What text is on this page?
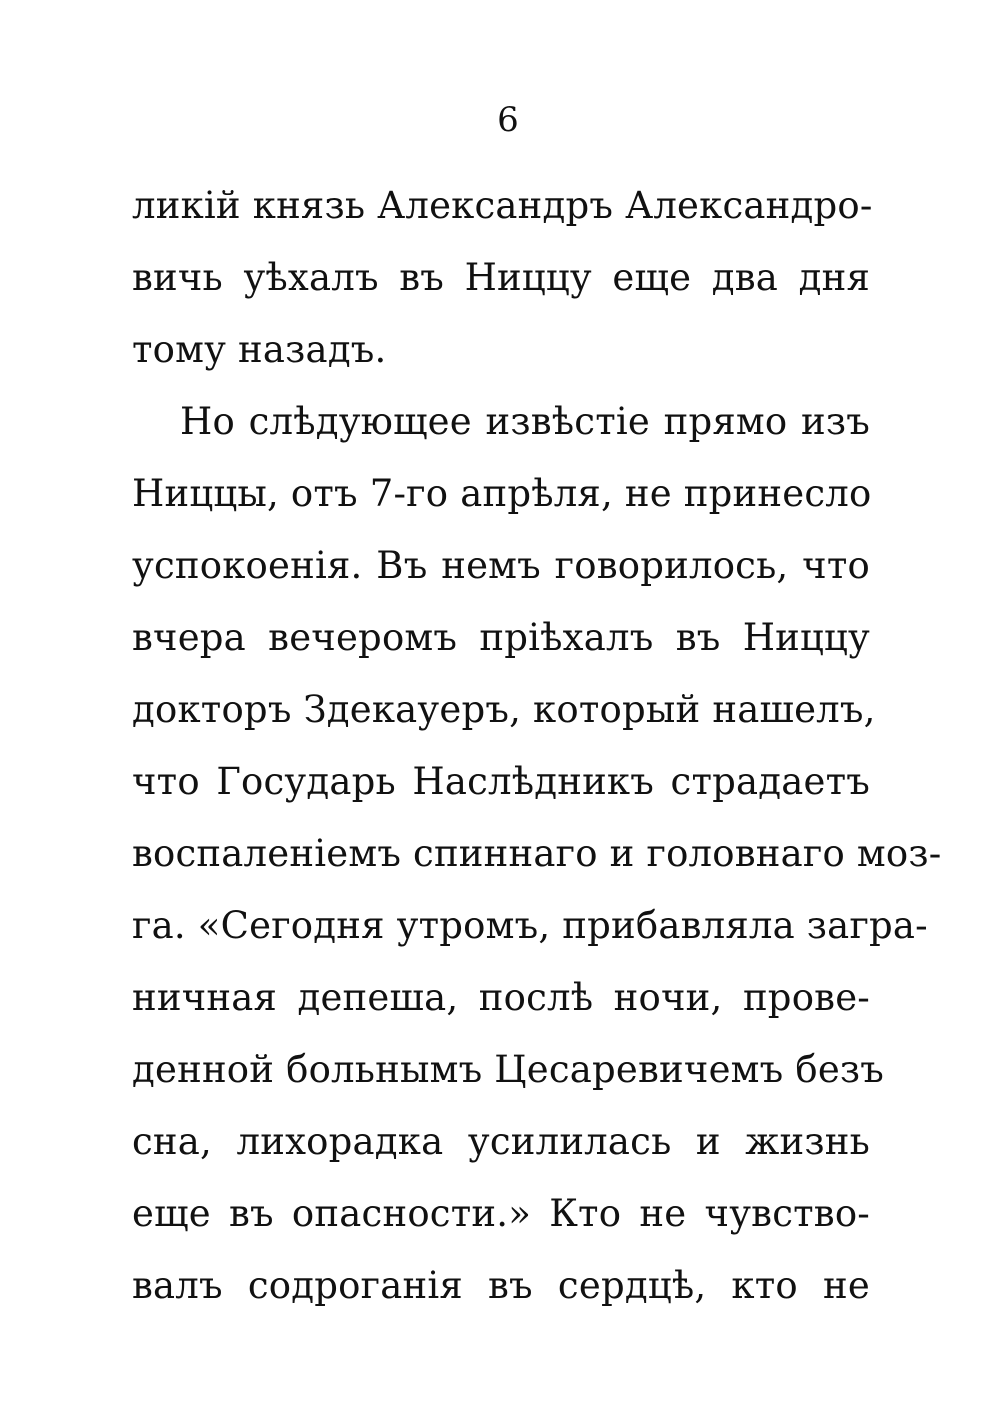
6
ликій князь Александръ Александро-
вичь уѣхалъ въ Ниццу еще два дня
тому назадъ.
Но слѣдующее извѣстіе прямо изъ
Ниццы, отъ 7-го апрѣля, не принесло
успокоенія. Въ немъ говорилось, что
вчера вечеромъ пріѣхалъ въ Ниццу
докторъ Здекауеръ, который нашелъ,
что Государь Наслѣдникъ страдаетъ
воспаленіемъ спиннаго и головнаго моз-
га. «Сегодня утромъ, прибавляла загра-
ничная депеша, послѣ ночи, прове-
денной больнымъ Цесаревичемъ безъ
сна, лихорадка усилилась и жизнь
еще въ опасности.» Кто не чувство-
валъ содроганія въ сердцѣ, кто не
